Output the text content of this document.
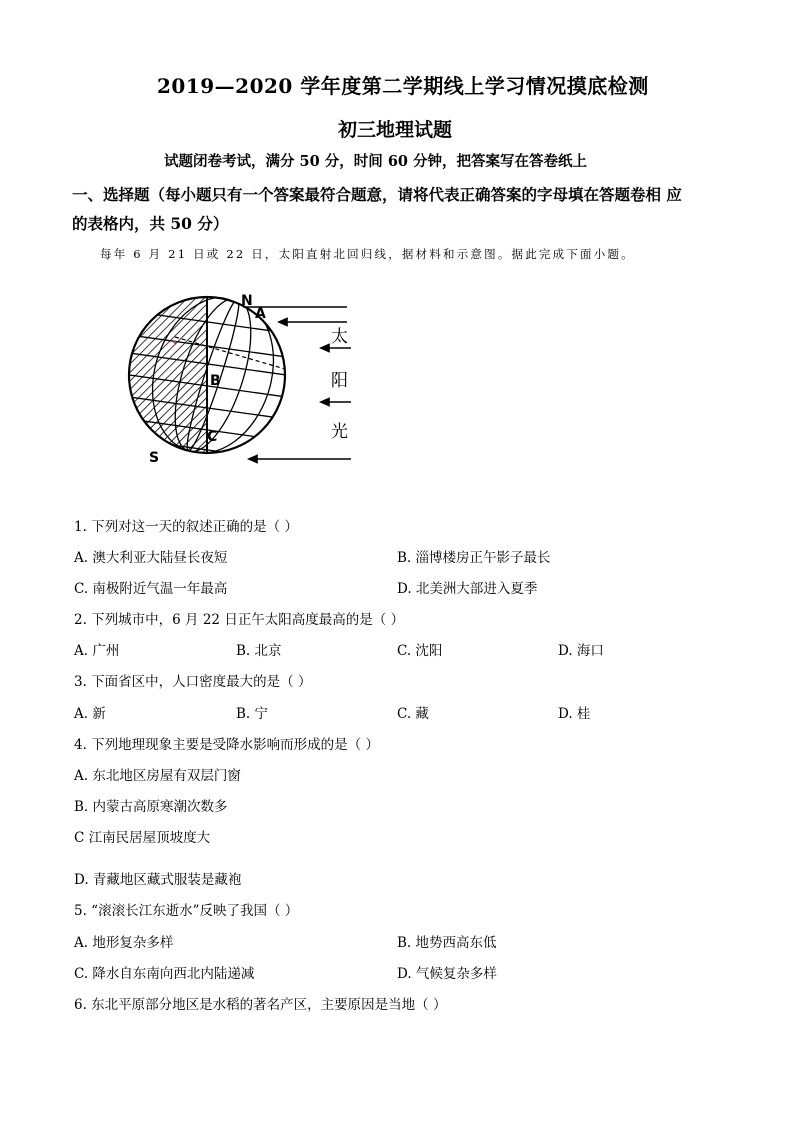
2019—2020 学年度第二学期线上学习情况摸底检测
初三地理试题
试题闭卷考试，满分 50 分，时间 60 分钟，把答案写在答卷纸上
一、选择题（每小题只有一个答案最符合题意，请将代表正确答案的字母填在答题卷相 应
的表格内，共 50 分）
每年 6 月 21 日或 22 日，太阳直射北回归线，据材料和示意图。据此完成下面小题。
N
A
B
C
S
太
阳
光
1. 下列对这一天的叙述正确的是（ ）
A. 澳大利亚大陆昼长夜短	B. 淄博楼房正午影子最长
C. 南极附近气温一年最高	D. 北美洲大部进入夏季
2. 下列城市中，6 月 22 日正午太阳高度最高的是（ ）
A. 广州	B. 北京	C. 沈阳	D. 海口
3. 下面省区中，人口密度最大的是（ ）
A. 新	B. 宁	C. 藏	D. 桂
4. 下列地理现象主要是受降水影响而形成的是（ ）
A. 东北地区房屋有双层门窗
B. 内蒙古高原寒潮次数多
C 江南民居屋顶坡度大
D. 青藏地区藏式服装是藏袍
5. “滚滚长江东逝水”反映了我国（ ）
A. 地形复杂多样	B. 地势西高东低
C. 降水自东南向西北内陆递减	D. 气候复杂多样
6. 东北平原部分地区是水稻的著名产区，主要原因是当地（ ）
